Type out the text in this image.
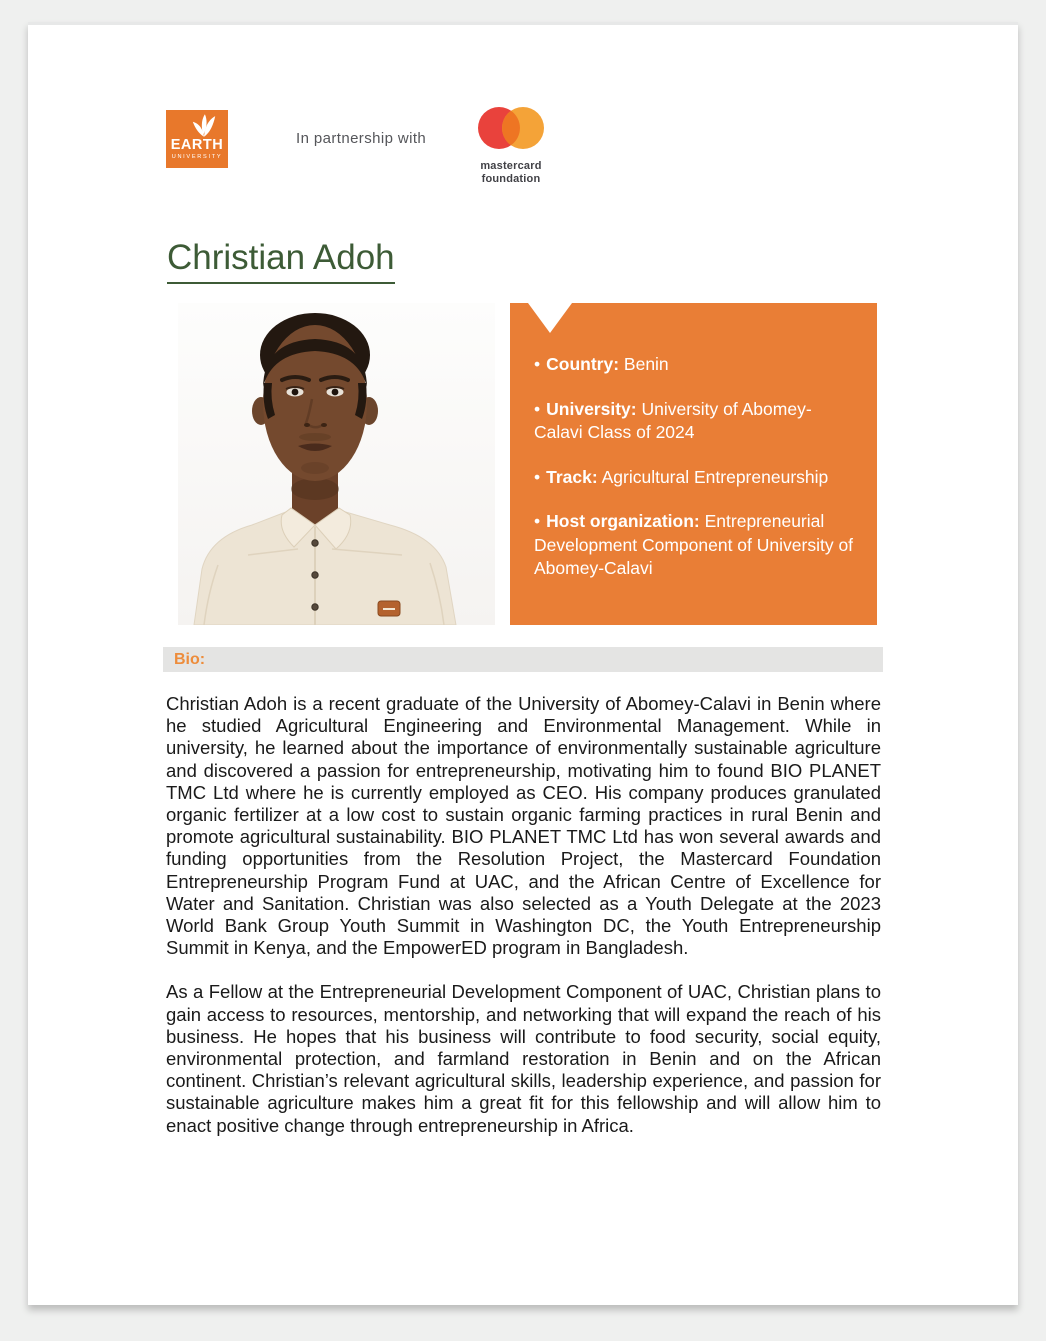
EARTH
UNIVERSITY
In partnership with
mastercard
foundation
Christian Adoh
• Country: Benin
• University: University of Abomey-Calavi Class of 2024
• Track: Agricultural Entrepreneurship
• Host organization: Entrepreneurial Development Component of University of Abomey-Calavi
Bio:

Christian Adoh is a recent graduate of the University of Abomey-Calavi in Benin where he studied Agricultural Engineering and Environmental Management. While in university, he learned about the importance of environmentally sustainable agriculture and discovered a passion for entrepreneurship, motivating him to found BIO PLANET TMC Ltd where he is currently employed as CEO. His company produces granulated organic fertilizer at a low cost to sustain organic farming practices in rural Benin and promote agricultural sustainability. BIO PLANET TMC Ltd has won several awards and funding opportunities from the Resolution Project, the Mastercard Foundation Entrepreneurship Program Fund at UAC, and the African Centre of Excellence for Water and Sanitation. Christian was also selected as a Youth Delegate at the 2023 World Bank Group Youth Summit in Washington DC, the Youth Entrepreneurship Summit in Kenya, and the EmpowerED program in Bangladesh.

As a Fellow at the Entrepreneurial Development Component of UAC, Christian plans to gain access to resources, mentorship, and networking that will expand the reach of his business. He hopes that his business will contribute to food security, social equity, environmental protection, and farmland restoration in Benin and on the African continent. Christian’s relevant agricultural skills, leadership experience, and passion for sustainable agriculture makes him a great fit for this fellowship and will allow him to enact positive change through entrepreneurship in Africa.
